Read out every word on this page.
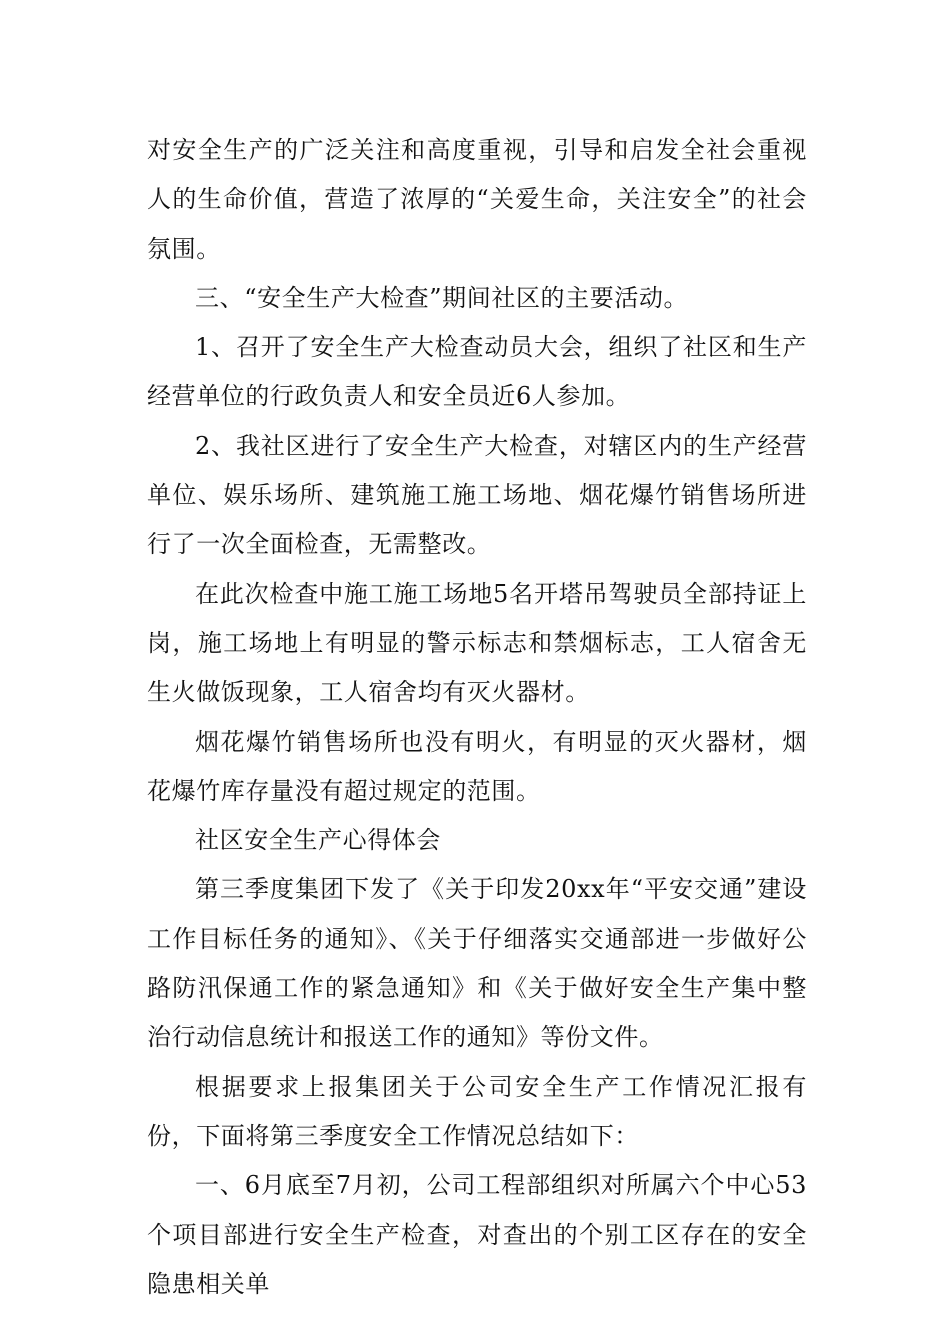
对安全生产的广泛关注和高度重视，引导和启发全社会重视人的生命价值，营造了浓厚的“关爱生命，关注安全”的社会氛围。

三、“安全生产大检查”期间社区的主要活动。

1、召开了安全生产大检查动员大会，组织了社区和生产经营单位的行政负责人和安全员近6人参加。

2、我社区进行了安全生产大检查，对辖区内的生产经营单位、娱乐场所、建筑施工施工场地、烟花爆竹销售场所进行了一次全面检查，无需整改。

在此次检查中施工施工场地5名开塔吊驾驶员全部持证上岗，施工场地上有明显的警示标志和禁烟标志，工人宿舍无生火做饭现象，工人宿舍均有灭火器材。

烟花爆竹销售场所也没有明火，有明显的灭火器材，烟花爆竹库存量没有超过规定的范围。

社区安全生产心得体会

第三季度集团下发了《关于印发20xx年“平安交通”建设工作目标任务的通知》、《关于仔细落实交通部进一步做好公路防汛保通工作的紧急通知》和《关于做好安全生产集中整治行动信息统计和报送工作的通知》等份文件。

根据要求上报集团关于公司安全生产工作情况汇报有份，下面将第三季度安全工作情况总结如下：

一、6月底至7月初，公司工程部组织对所属六个中心53个项目部进行安全生产检查，对查出的个别工区存在的安全隐患相关单
